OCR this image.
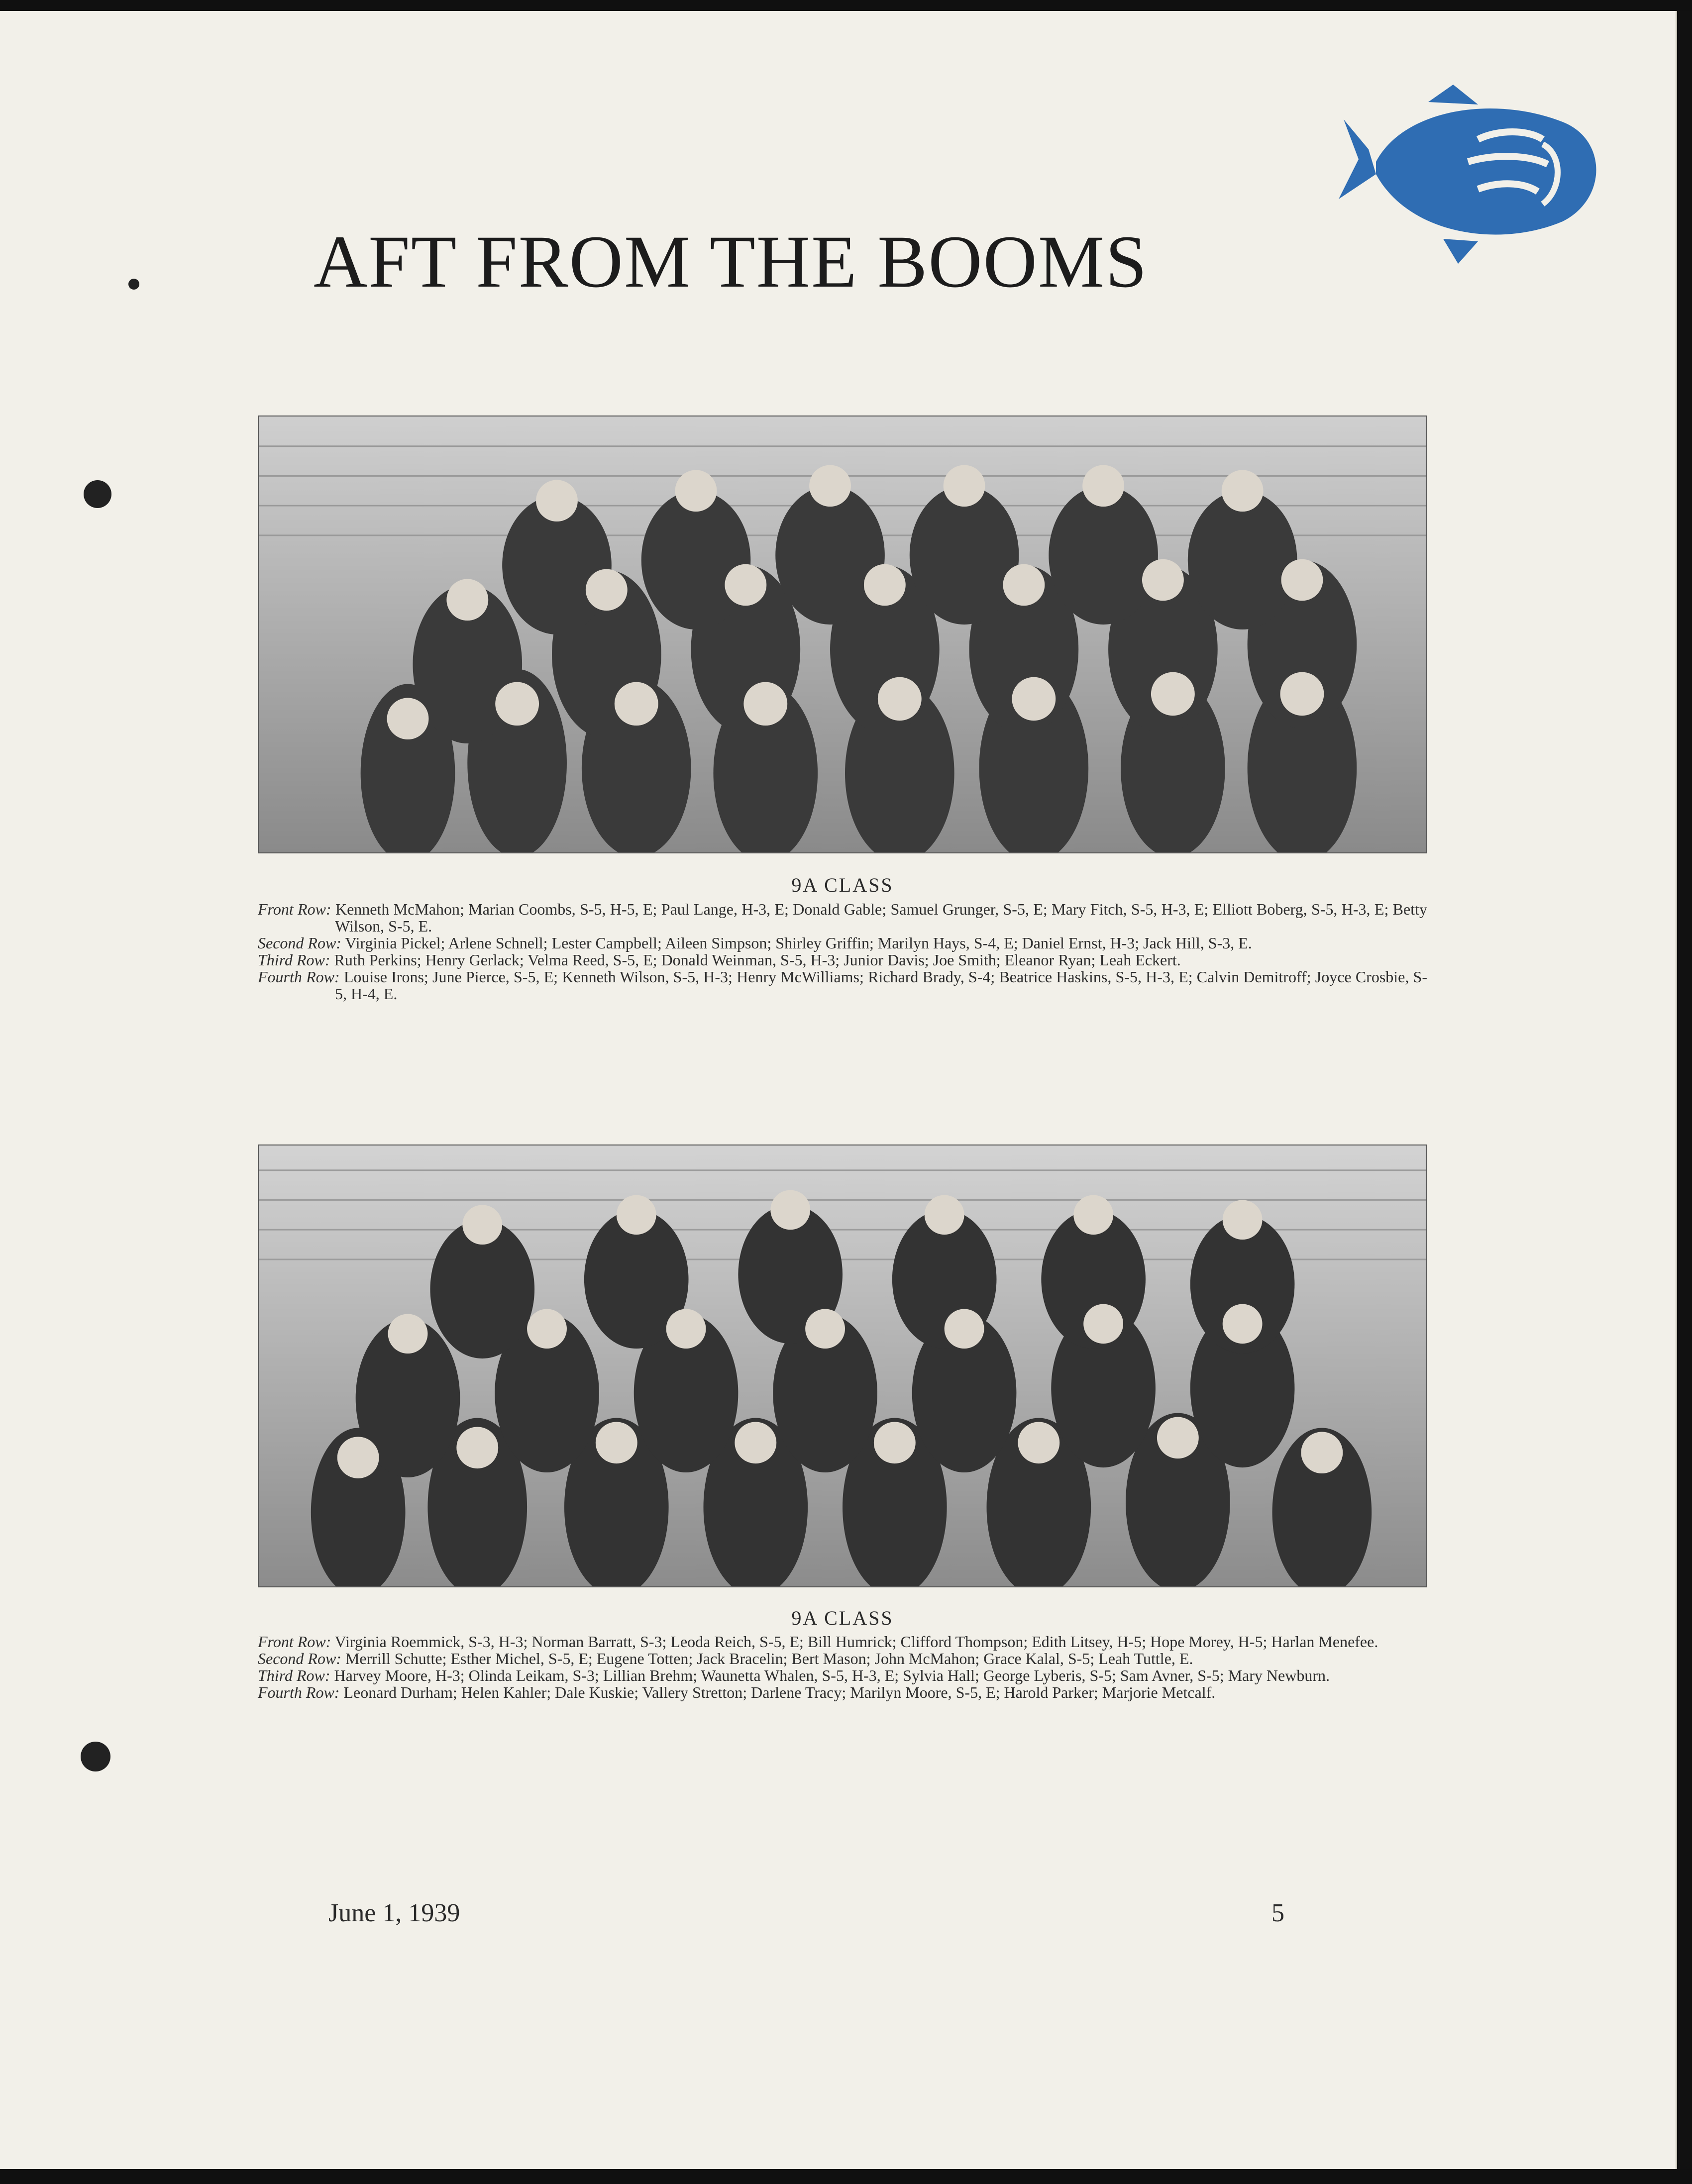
AFT FROM THE BOOMS
9A CLASS

Front Row: Kenneth McMahon; Marian Coombs, S-5, H-5, E; Paul Lange, H-3, E; Donald Gable; Samuel Grunger, S-5, E; Mary Fitch, S-5, H-3, E; Elliott Boberg, S-5, H-3, E; Betty Wilson, S-5, E.

Second Row: Virginia Pickel; Arlene Schnell; Lester Campbell; Aileen Simpson; Shirley Griffin; Marilyn Hays, S-4, E; Daniel Ernst, H-3; Jack Hill, S-3, E.

Third Row: Ruth Perkins; Henry Gerlack; Velma Reed, S-5, E; Donald Weinman, S-5, H-3; Junior Davis; Joe Smith; Eleanor Ryan; Leah Eckert.

Fourth Row: Louise Irons; June Pierce, S-5, E; Kenneth Wilson, S-5, H-3; Henry McWilliams; Richard Brady, S-4; Beatrice Haskins, S-5, H-3, E; Calvin Demitroff; Joyce Crosbie, S-5, H-4, E.

9A CLASS

Front Row: Virginia Roemmick, S-3, H-3; Norman Barratt, S-3; Leoda Reich, S-5, E; Bill Humrick; Clifford Thompson; Edith Litsey, H-5; Hope Morey, H-5; Harlan Menefee.

Second Row: Merrill Schutte; Esther Michel, S-5, E; Eugene Totten; Jack Bracelin; Bert Mason; John McMahon; Grace Kalal, S-5; Leah Tuttle, E.

Third Row: Harvey Moore, H-3; Olinda Leikam, S-3; Lillian Brehm; Waunetta Whalen, S-5, H-3, E; Sylvia Hall; George Lyberis, S-5; Sam Avner, S-5; Mary Newburn.

Fourth Row: Leonard Durham; Helen Kahler; Dale Kuskie; Vallery Stretton; Darlene Tracy; Marilyn Moore, S-5, E; Harold Parker; Marjorie Metcalf.

June 1, 1939	5
